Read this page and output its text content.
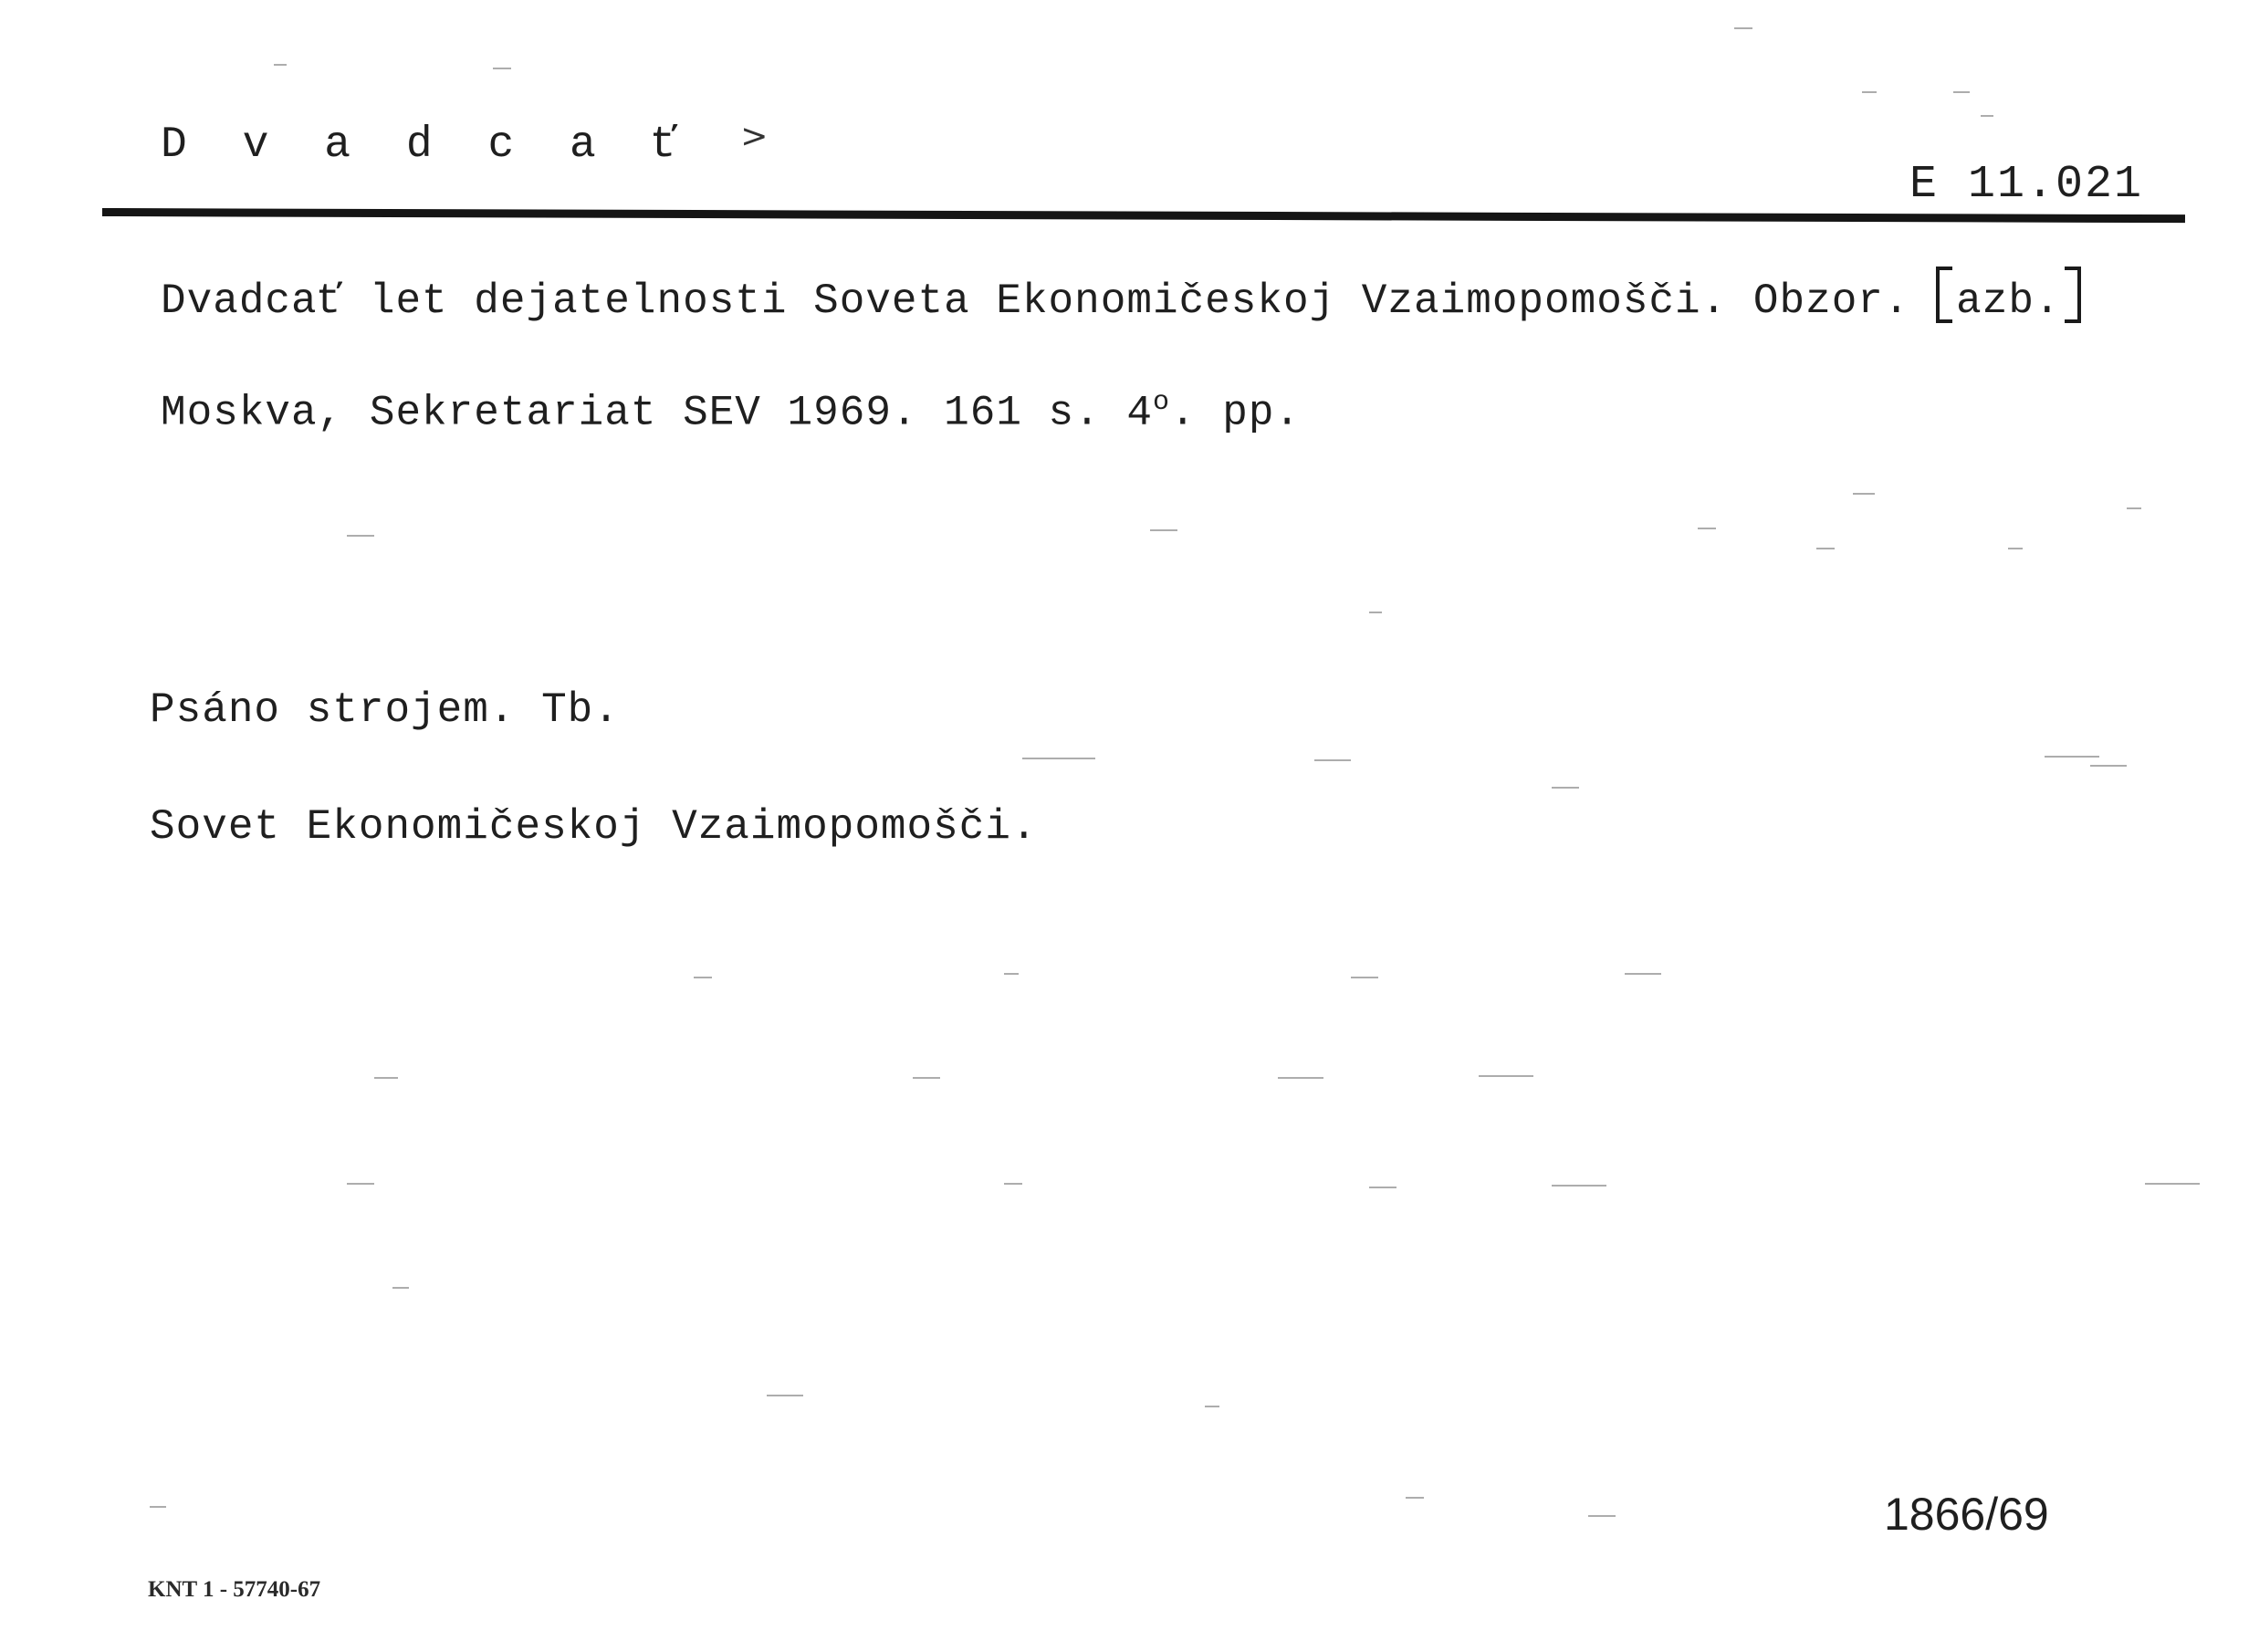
D v a d c a ť >
E 11.021
Dvadcať let dejatelnosti Soveta Ekonomičeskoj Vzaimopomošči. Obzor. azb.
Moskva, Sekretariat SEV 1969. 161 s. 4$^o$. pp.
Psáno strojem. Tb.
Sovet Ekonomičeskoj Vzaimopomošči.
1866/69
KNT 1 - 57740-67
